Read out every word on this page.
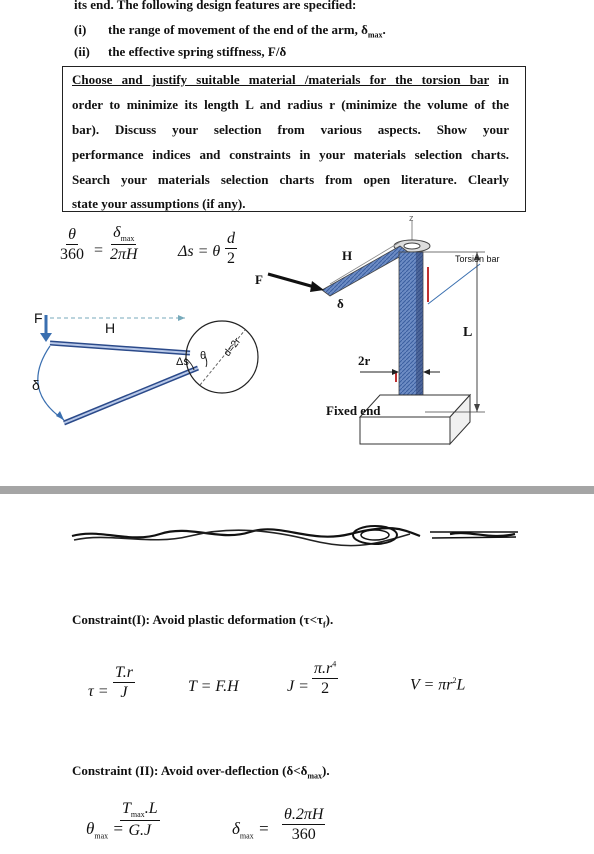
its end. The following design features are specified:
(i) the range of movement of the end of the arm, $\delta_{max}$.
(ii) the effective spring stiffness, F/δ
Choose and justify suitable material /materials for the torsion bar in
order to minimize its length L and radius r (minimize the volume of the
bar). Discuss your selection from various aspects. Show your
performance indices and constraints in your materials selection charts.
Search your materials selection charts from open literature. Clearly
state your assumptions (if any).
$\frac{\theta}{360}$ =
$\delta_{max}$
2πH	Δs = θ $\frac{d}{2}$
F
H
δ
Δs θ d=2r
z
H
F
δ
Torsion bar
L
2r
Fixed end
Constraint(I): Avoid plastic deformation $(\tau<\tau_f)$.
$\tau = \frac{T.r}{J}$	T = F.H	$J = \frac{\pi.r^4}{2}$	$V = \pi r^2L$
Constraint (II): Avoid over-deflection $(\delta<\delta_{max})$.
$\theta_{max}$ =
$T_{max}.L$
G.J	$\delta_{max} = \frac{\theta.2\pi H}{360}$
